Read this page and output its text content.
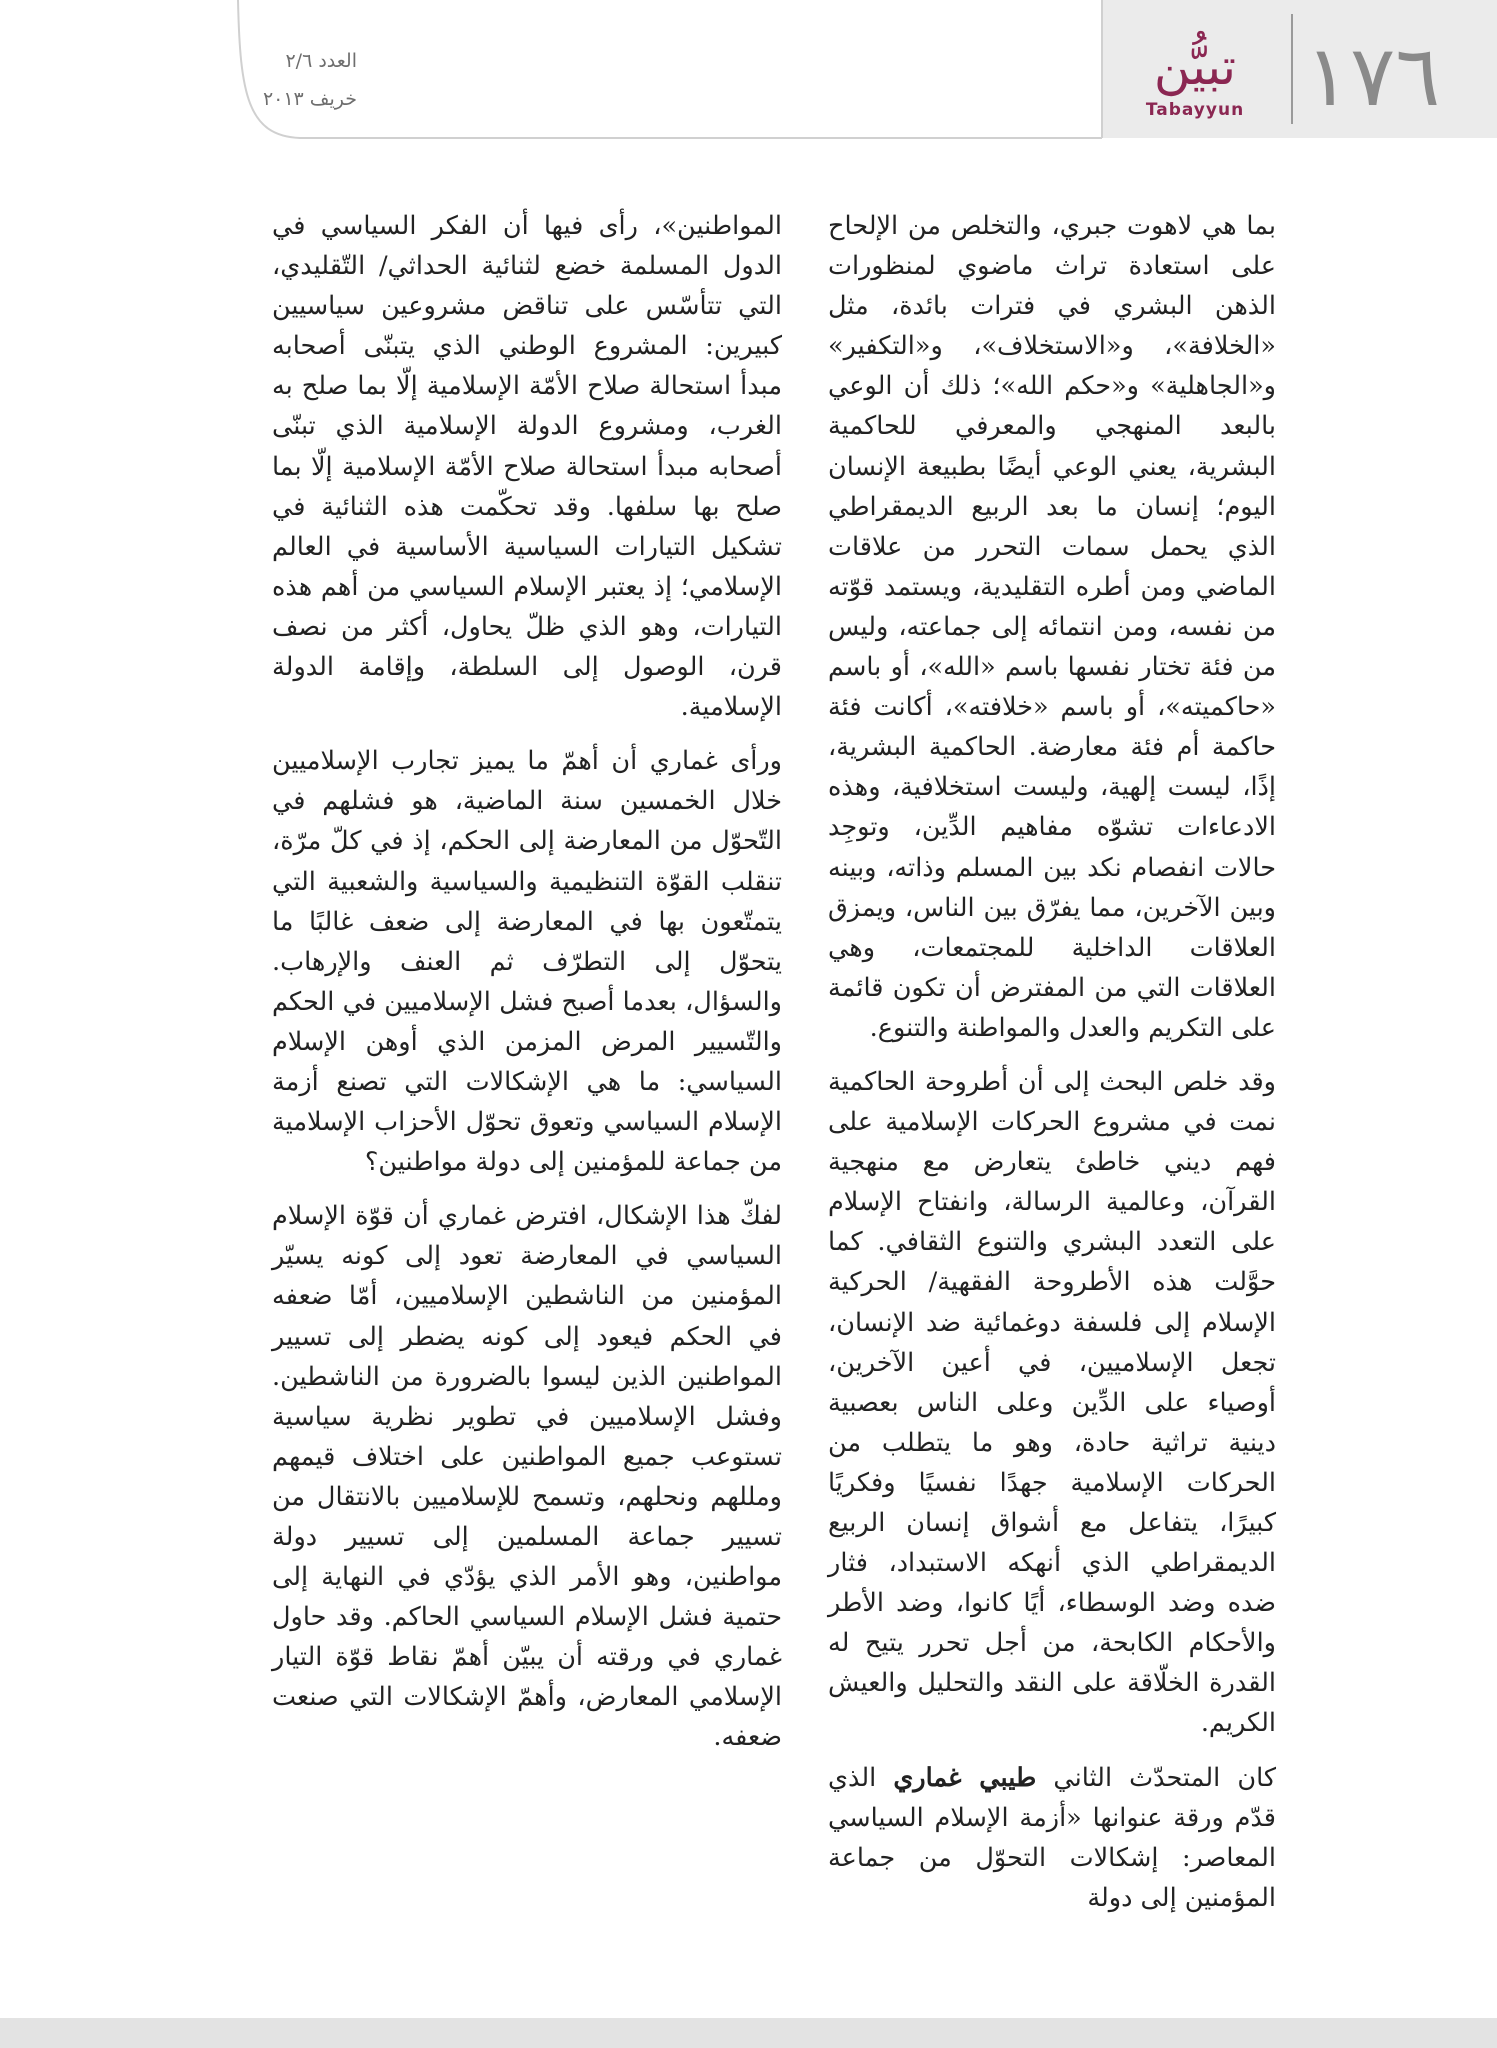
العدد ٢/٦
خريف ٢٠١٣
تبيُّن
Tabayyun ١٧٦

بما هي لاهوت جبري، والتخلص من الإلحاح على استعادة تراث ماضوي لمنظورات الذهن البشري في فترات بائدة، مثل «الخلافة»، و«الاستخلاف»، و«التكفير» و«الجاهلية» و«حكم الله»؛ ذلك أن الوعي بالبعد المنهجي والمعرفي للحاكمية البشرية، يعني الوعي أيضًا بطبيعة الإنسان اليوم؛ إنسان ما بعد الربيع الديمقراطي الذي يحمل سمات التحرر من علاقات الماضي ومن أطره التقليدية، ويستمد قوّته من نفسه، ومن انتمائه إلى جماعته، وليس من فئة تختار نفسها باسم «الله»، أو باسم «حاكميته»، أو باسم «خلافته»، أكانت فئة حاكمة أم فئة معارضة. الحاكمية البشرية، إذًا، ليست إلهية، وليست استخلافية، وهذه الادعاءات تشوّه مفاهيم الدِّين، وتوجِد حالات انفصام نكد بين المسلم وذاته، وبينه وبين الآخرين، مما يفرّق بين الناس، ويمزق العلاقات الداخلية للمجتمعات، وهي العلاقات التي من المفترض أن تكون قائمة على التكريم والعدل والمواطنة والتنوع.

وقد خلص البحث إلى أن أطروحة الحاكمية نمت في مشروع الحركات الإسلامية على فهم ديني خاطئ يتعارض مع منهجية القرآن، وعالمية الرسالة، وانفتاح الإسلام على التعدد البشري والتنوع الثقافي. كما حوَّلت هذه الأطروحة الفقهية/ الحركية الإسلام إلى فلسفة دوغمائية ضد الإنسان، تجعل الإسلاميين، في أعين الآخرين، أوصياء على الدِّين وعلى الناس بعصبية دينية تراثية حادة، وهو ما يتطلب من الحركات الإسلامية جهدًا نفسيًا وفكريًا كبيرًا، يتفاعل مع أشواق إنسان الربيع الديمقراطي الذي أنهكه الاستبداد، فثار ضده وضد الوسطاء، أيًا كانوا، وضد الأطر والأحكام الكابحة، من أجل تحرر يتيح له القدرة الخلّاقة على النقد والتحليل والعيش الكريم.

كان المتحدّث الثاني طيبي غماري الذي قدّم ورقة عنوانها «أزمة الإسلام السياسي المعاصر: إشكالات التحوّل من جماعة المؤمنين إلى دولة

المواطنين»، رأى فيها أن الفكر السياسي في الدول المسلمة خضع لثنائية الحداثي/ التّقليدي، التي تتأسّس على تناقض مشروعين سياسيين كبيرين: المشروع الوطني الذي يتبنّى أصحابه مبدأ استحالة صلاح الأمّة الإسلامية إلّا بما صلح به الغرب، ومشروع الدولة الإسلامية الذي تبنّى أصحابه مبدأ استحالة صلاح الأمّة الإسلامية إلّا بما صلح بها سلفها. وقد تحكّمت هذه الثنائية في تشكيل التيارات السياسية الأساسية في العالم الإسلامي؛ إذ يعتبر الإسلام السياسي من أهم هذه التيارات، وهو الذي ظلّ يحاول، أكثر من نصف قرن، الوصول إلى السلطة، وإقامة الدولة الإسلامية.

ورأى غماري أن أهمّ ما يميز تجارب الإسلاميين خلال الخمسين سنة الماضية، هو فشلهم في التّحوّل من المعارضة إلى الحكم، إذ في كلّ مرّة، تنقلب القوّة التنظيمية والسياسية والشعبية التي يتمتّعون بها في المعارضة إلى ضعف غالبًا ما يتحوّل إلى التطرّف ثم العنف والإرهاب. والسؤال، بعدما أصبح فشل الإسلاميين في الحكم والتّسيير المرض المزمن الذي أوهن الإسلام السياسي: ما هي الإشكالات التي تصنع أزمة الإسلام السياسي وتعوق تحوّل الأحزاب الإسلامية من جماعة للمؤمنين إلى دولة مواطنين؟

لفكّ هذا الإشكال، افترض غماري أن قوّة الإسلام السياسي في المعارضة تعود إلى كونه يسيّر المؤمنين من الناشطين الإسلاميين، أمّا ضعفه في الحكم فيعود إلى كونه يضطر إلى تسيير المواطنين الذين ليسوا بالضرورة من الناشطين. وفشل الإسلاميين في تطوير نظرية سياسية تستوعب جميع المواطنين على اختلاف قيمهم ومللهم ونحلهم، وتسمح للإسلاميين بالانتقال من تسيير جماعة المسلمين إلى تسيير دولة مواطنين، وهو الأمر الذي يؤدّي في النهاية إلى حتمية فشل الإسلام السياسي الحاكم. وقد حاول غماري في ورقته أن يبيّن أهمّ نقاط قوّة التيار الإسلامي المعارض، وأهمّ الإشكالات التي صنعت ضعفه.
